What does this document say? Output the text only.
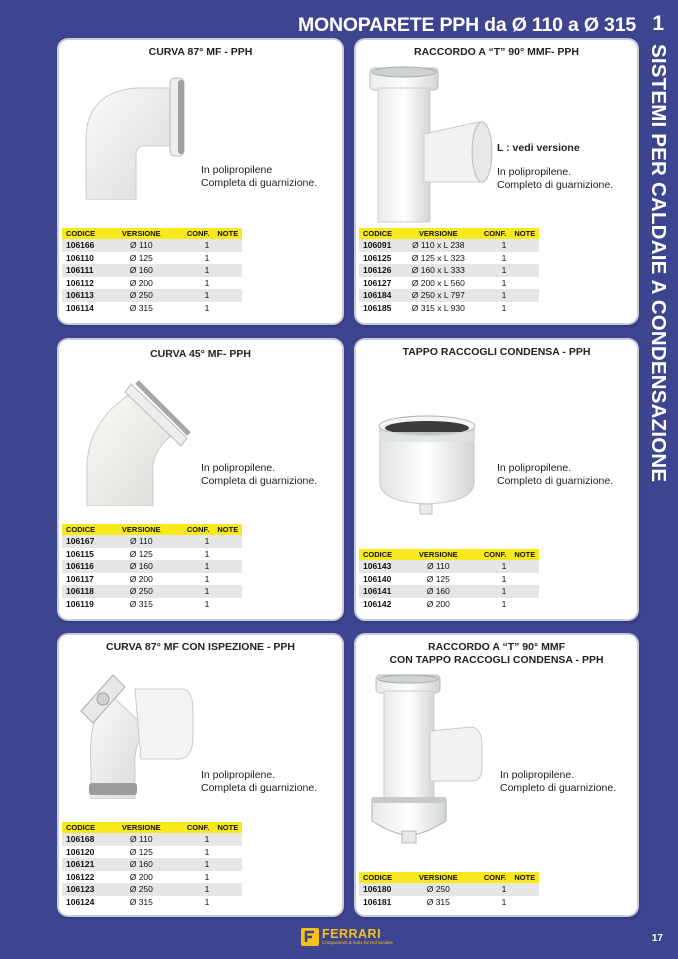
MONOPARETE PPH da Ø 110 a Ø 315 1
SISTEMI PER CALDAIE A CONDENSAZIONE
CURVA 87° MF - PPH
In polipropilene
Completa di guarnizione.
CODICE	VERSIONE	CONF.	NOTE
106166	Ø 110	1	
106110	Ø 125	1	
106111	Ø 160	1	
106112	Ø 200	1	
106113	Ø 250	1	
106114	Ø 315	1	
RACCORDO A “T” 90° MMF- PPH
L : vedi versione
In polipropilene.
Completo di guarnizione.
CODICE	VERSIONE	CONF.	NOTE
106091	Ø 110 x L 238	1	
106125	Ø 125 x L 323	1	
106126	Ø 160 x L 333	1	
106127	Ø 200 x L 560	1	
106184	Ø 250 x L 797	1	
106185	Ø 315 x L 930	1	
CURVA 45° MF- PPH
In polipropilene.
Completa di guarnizione.
CODICE	VERSIONE	CONF.	NOTE
106167	Ø 110	1	
106115	Ø 125	1	
106116	Ø 160	1	
106117	Ø 200	1	
106118	Ø 250	1	
106119	Ø 315	1	
TAPPO RACCOGLI CONDENSA - PPH
In polipropilene.
Completo di guarnizione.
CODICE	VERSIONE	CONF.	NOTE
106143	Ø 110	1	
106140	Ø 125	1	
106141	Ø 160	1	
106142	Ø 200	1	
CURVA 87° MF CON ISPEZIONE - PPH
In polipropilene.
Completa di guarnizione.
CODICE	VERSIONE	CONF.	NOTE
106168	Ø 110	1	
106120	Ø 125	1	
106121	Ø 160	1	
106122	Ø 200	1	
106123	Ø 250	1	
106124	Ø 315	1	
RACCORDO A “T” 90° MMF
CON TAPPO RACCOGLI CONDENSA - PPH
In polipropilene.
Completo di guarnizione.
CODICE	VERSIONE	CONF.	NOTE
106180	Ø 250	1	
106181	Ø 315	1	
FERRARI
Components & tools for technicians	17
